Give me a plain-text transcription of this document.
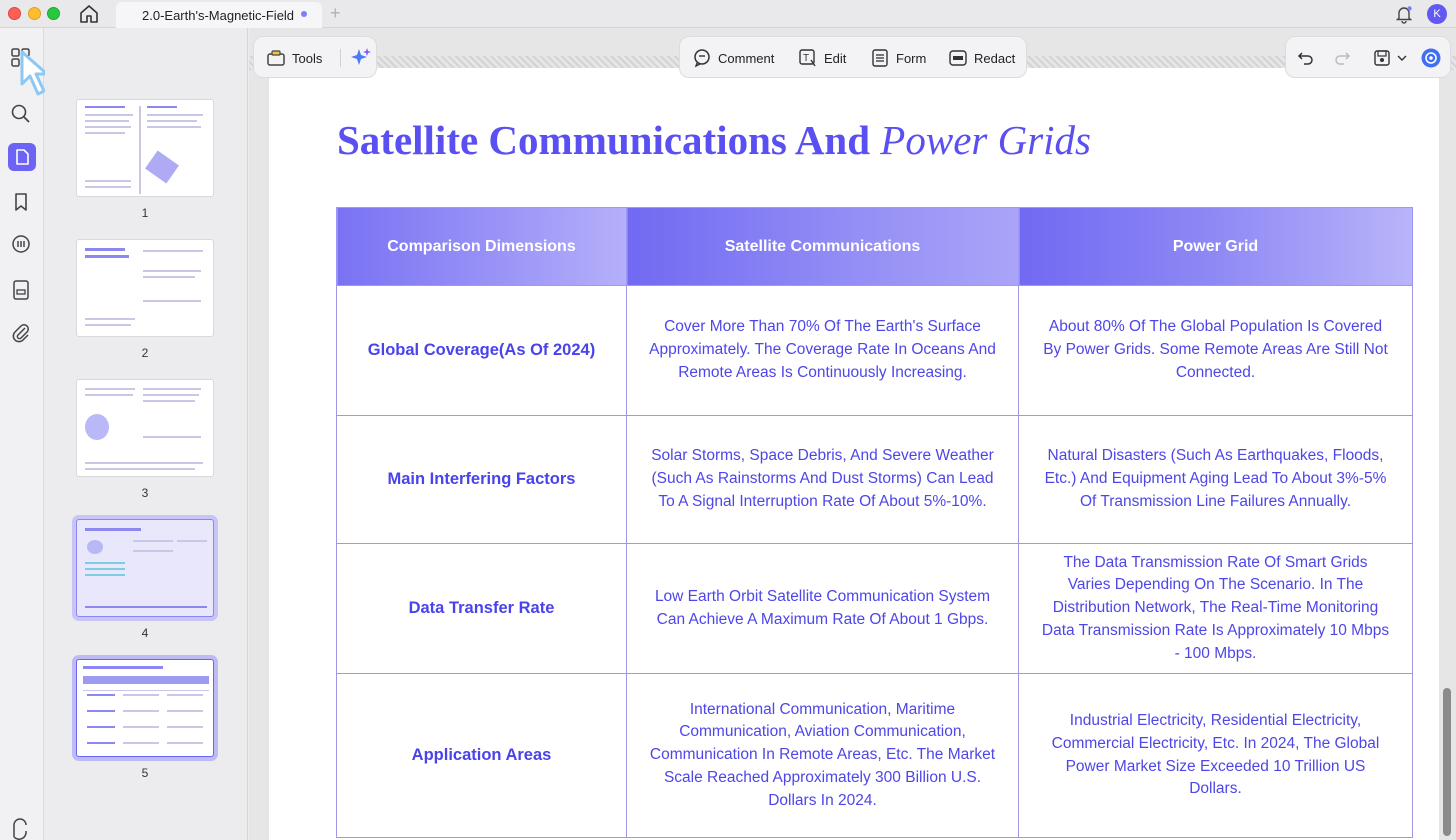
2.0-Earth's-Magnetic-Field +	K
1
2
3
4
5
Satellite Communications And Power Grids
Comparison Dimensions	Satellite Communications	Power Grid
Global Coverage(As Of 2024)	Cover More Than 70% Of The Earth's Surface Approximately. The Coverage Rate In Oceans And Remote Areas Is Continuously Increasing.	About 80% Of The Global Population Is Covered By Power Grids. Some Remote Areas Are Still Not Connected.
Main Interfering Factors	Solar Storms, Space Debris, And Severe Weather (Such As Rainstorms And Dust Storms) Can Lead To A Signal Interruption Rate Of About 5%-10%.	Natural Disasters (Such As Earthquakes, Floods, Etc.) And Equipment Aging Lead To About 3%-5% Of Transmission Line Failures Annually.
Data Transfer Rate	Low Earth Orbit Satellite Communication System Can Achieve A Maximum Rate Of About 1 Gbps.	The Data Transmission Rate Of Smart Grids Varies Depending On The Scenario. In The Distribution Network, The Real-Time Monitoring Data Transmission Rate Is Approximately 10 Mbps - 100 Mbps.
Application Areas	International Communication, Maritime Communication, Aviation Communication, Communication In Remote Areas, Etc. The Market Scale Reached Approximately 300 Billion U.S. Dollars In 2024.	Industrial Electricity, Residential Electricity, Commercial Electricity, Etc. In 2024, The Global Power Market Size Exceeded 10 Trillion US Dollars.
Tools	Comment	T Edit	Form	Redact
